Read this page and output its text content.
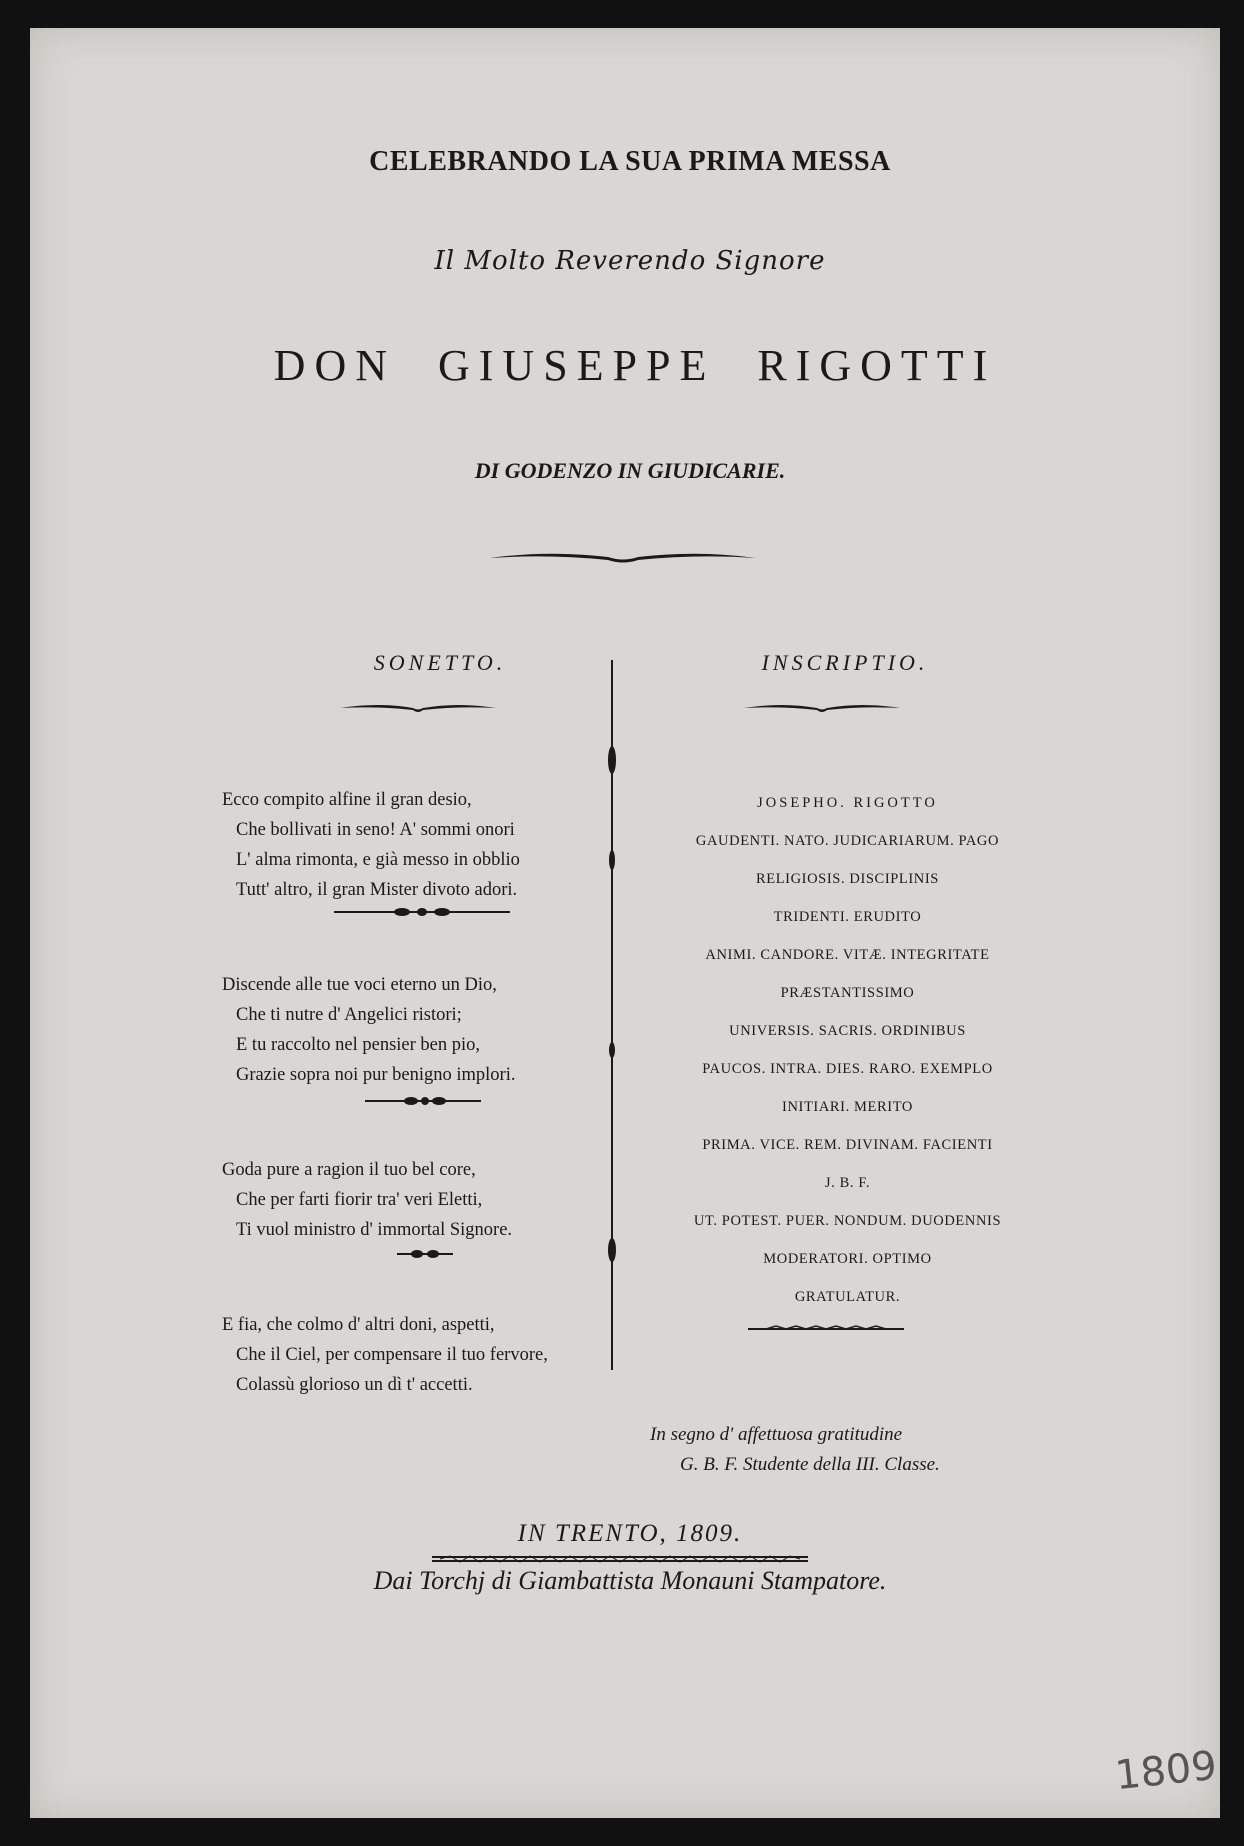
CELEBRANDO LA SUA PRIMA MESSA
Il Molto Reverendo Signore
DON GIUSEPPE RIGOTTI
DI GODENZO IN GIUDICARIE.
SONETTO.	INSCRIPTIO.
Ecco compito alfine il gran desio,
Che bollivati in seno! A' sommi onori
L' alma rimonta, e già messo in obblio
Tutt' altro, il gran Mister divoto adori.
Discende alle tue voci eterno un Dio,
Che ti nutre d' Angelici ristori;
E tu raccolto nel pensier ben pio,
Grazie sopra noi pur benigno implori.
Goda pure a ragion il tuo bel core,
Che per farti fiorir tra' veri Eletti,
Ti vuol ministro d' immortal Signore.
E fia, che colmo d' altri doni, aspetti,
Che il Ciel, per compensare il tuo fervore,
Colassù glorioso un dì t' accetti.
JOSEPHO. RIGOTTO
GAUDENTI. NATO. JUDICARIARUM. PAGO
RELIGIOSIS. DISCIPLINIS
TRIDENTI. ERUDITO
ANIMI. CANDORE. VITÆ. INTEGRITATE
PRÆSTANTISSIMO
UNIVERSIS. SACRIS. ORDINIBUS
PAUCOS. INTRA. DIES. RARO. EXEMPLO
INITIARI. MERITO
PRIMA. VICE. REM. DIVINAM. FACIENTI
J. B. F.
UT. POTEST. PUER. NONDUM. DUODENNIS
MODERATORI. OPTIMO
GRATULATUR.
In segno d' affettuosa gratitudine
G. B. F. Studente della III. Classe.
IN TRENTO, 1809.
Dai Torchj di Giambattista Monauni Stampatore.
1809
